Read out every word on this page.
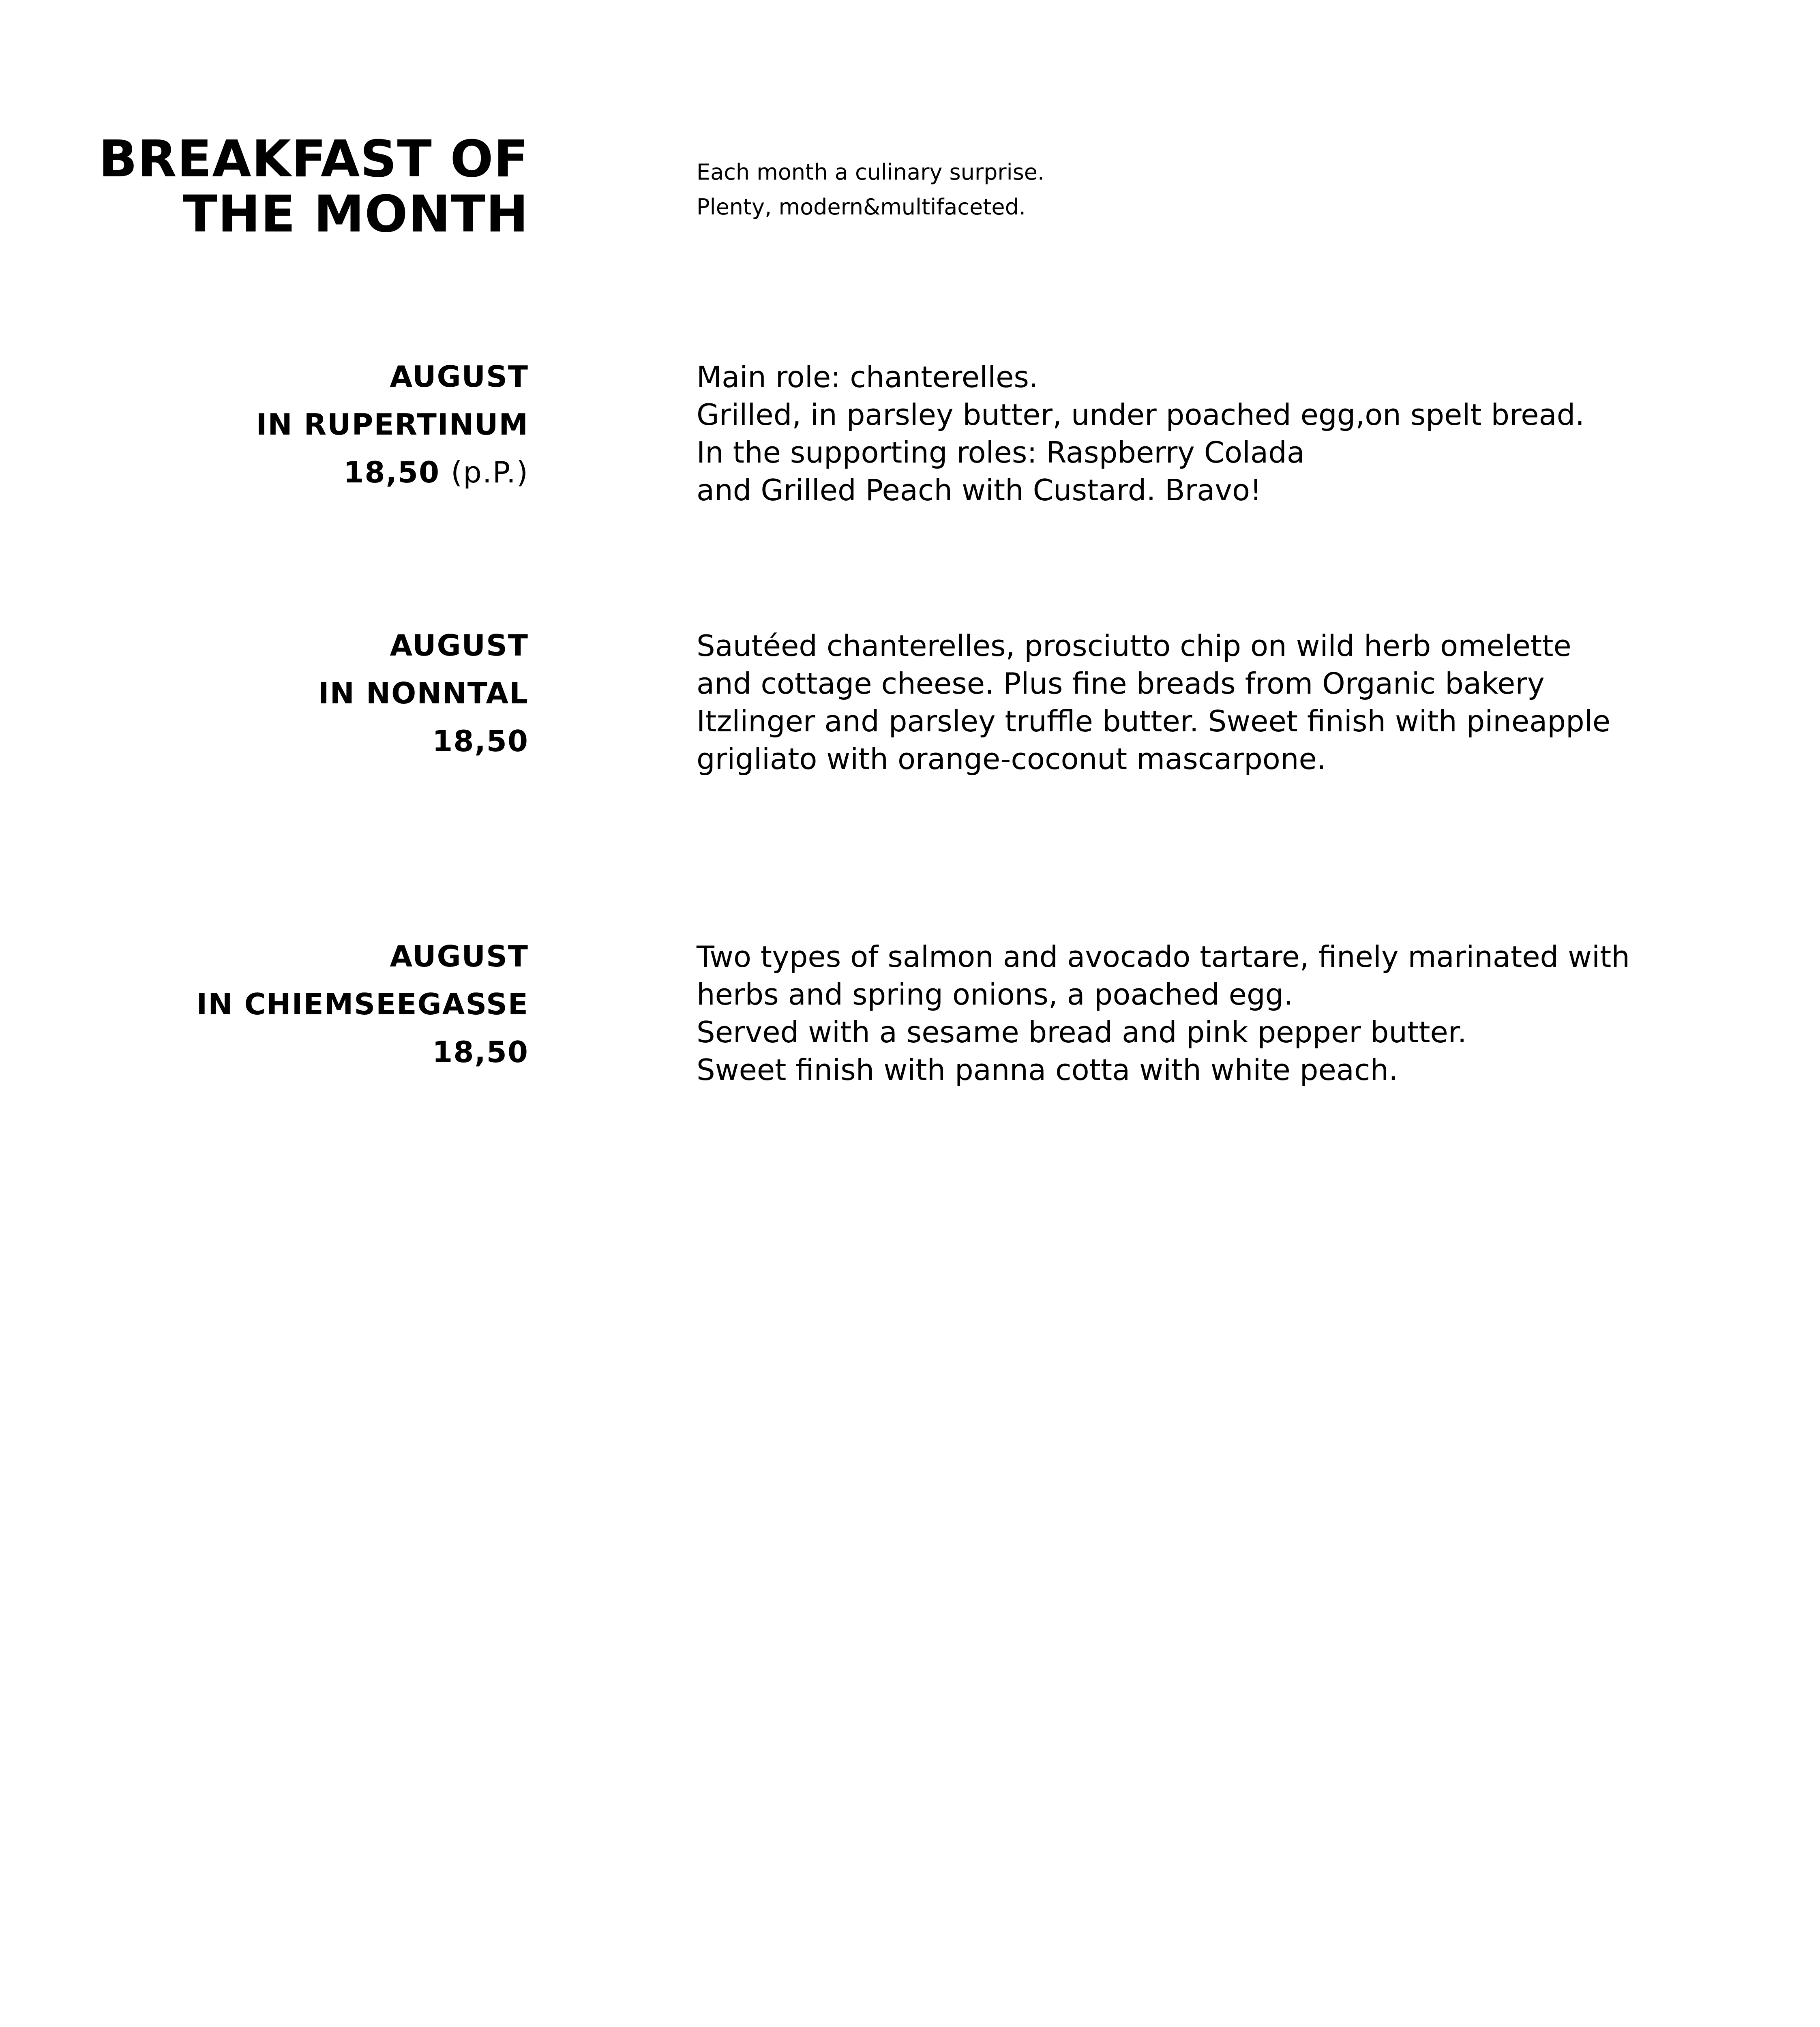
BREAKFAST OF
THE MONTH
Each month a culinary surprise.
Plenty, modern&multifaceted.
AUGUST
IN RUPERTINUM
18,50 (p.P.)
Main role: chanterelles.
Grilled, in parsley butter, under poached egg,on spelt bread.
In the supporting roles: Raspberry Colada
and Grilled Peach with Custard. Bravo!
AUGUST
IN NONNTAL
18,50
Sautéed chanterelles, prosciutto chip on wild herb omelette
and cottage cheese. Plus fine breads from Organic bakery
Itzlinger and parsley truffle butter. Sweet finish with pineapple
grigliato with orange-coconut mascarpone.
AUGUST
IN CHIEMSEEGASSE
18,50
Two types of salmon and avocado tartare, finely marinated with
herbs and spring onions, a poached egg.
Served with a sesame bread and pink pepper butter.
Sweet finish with panna cotta with white peach.
